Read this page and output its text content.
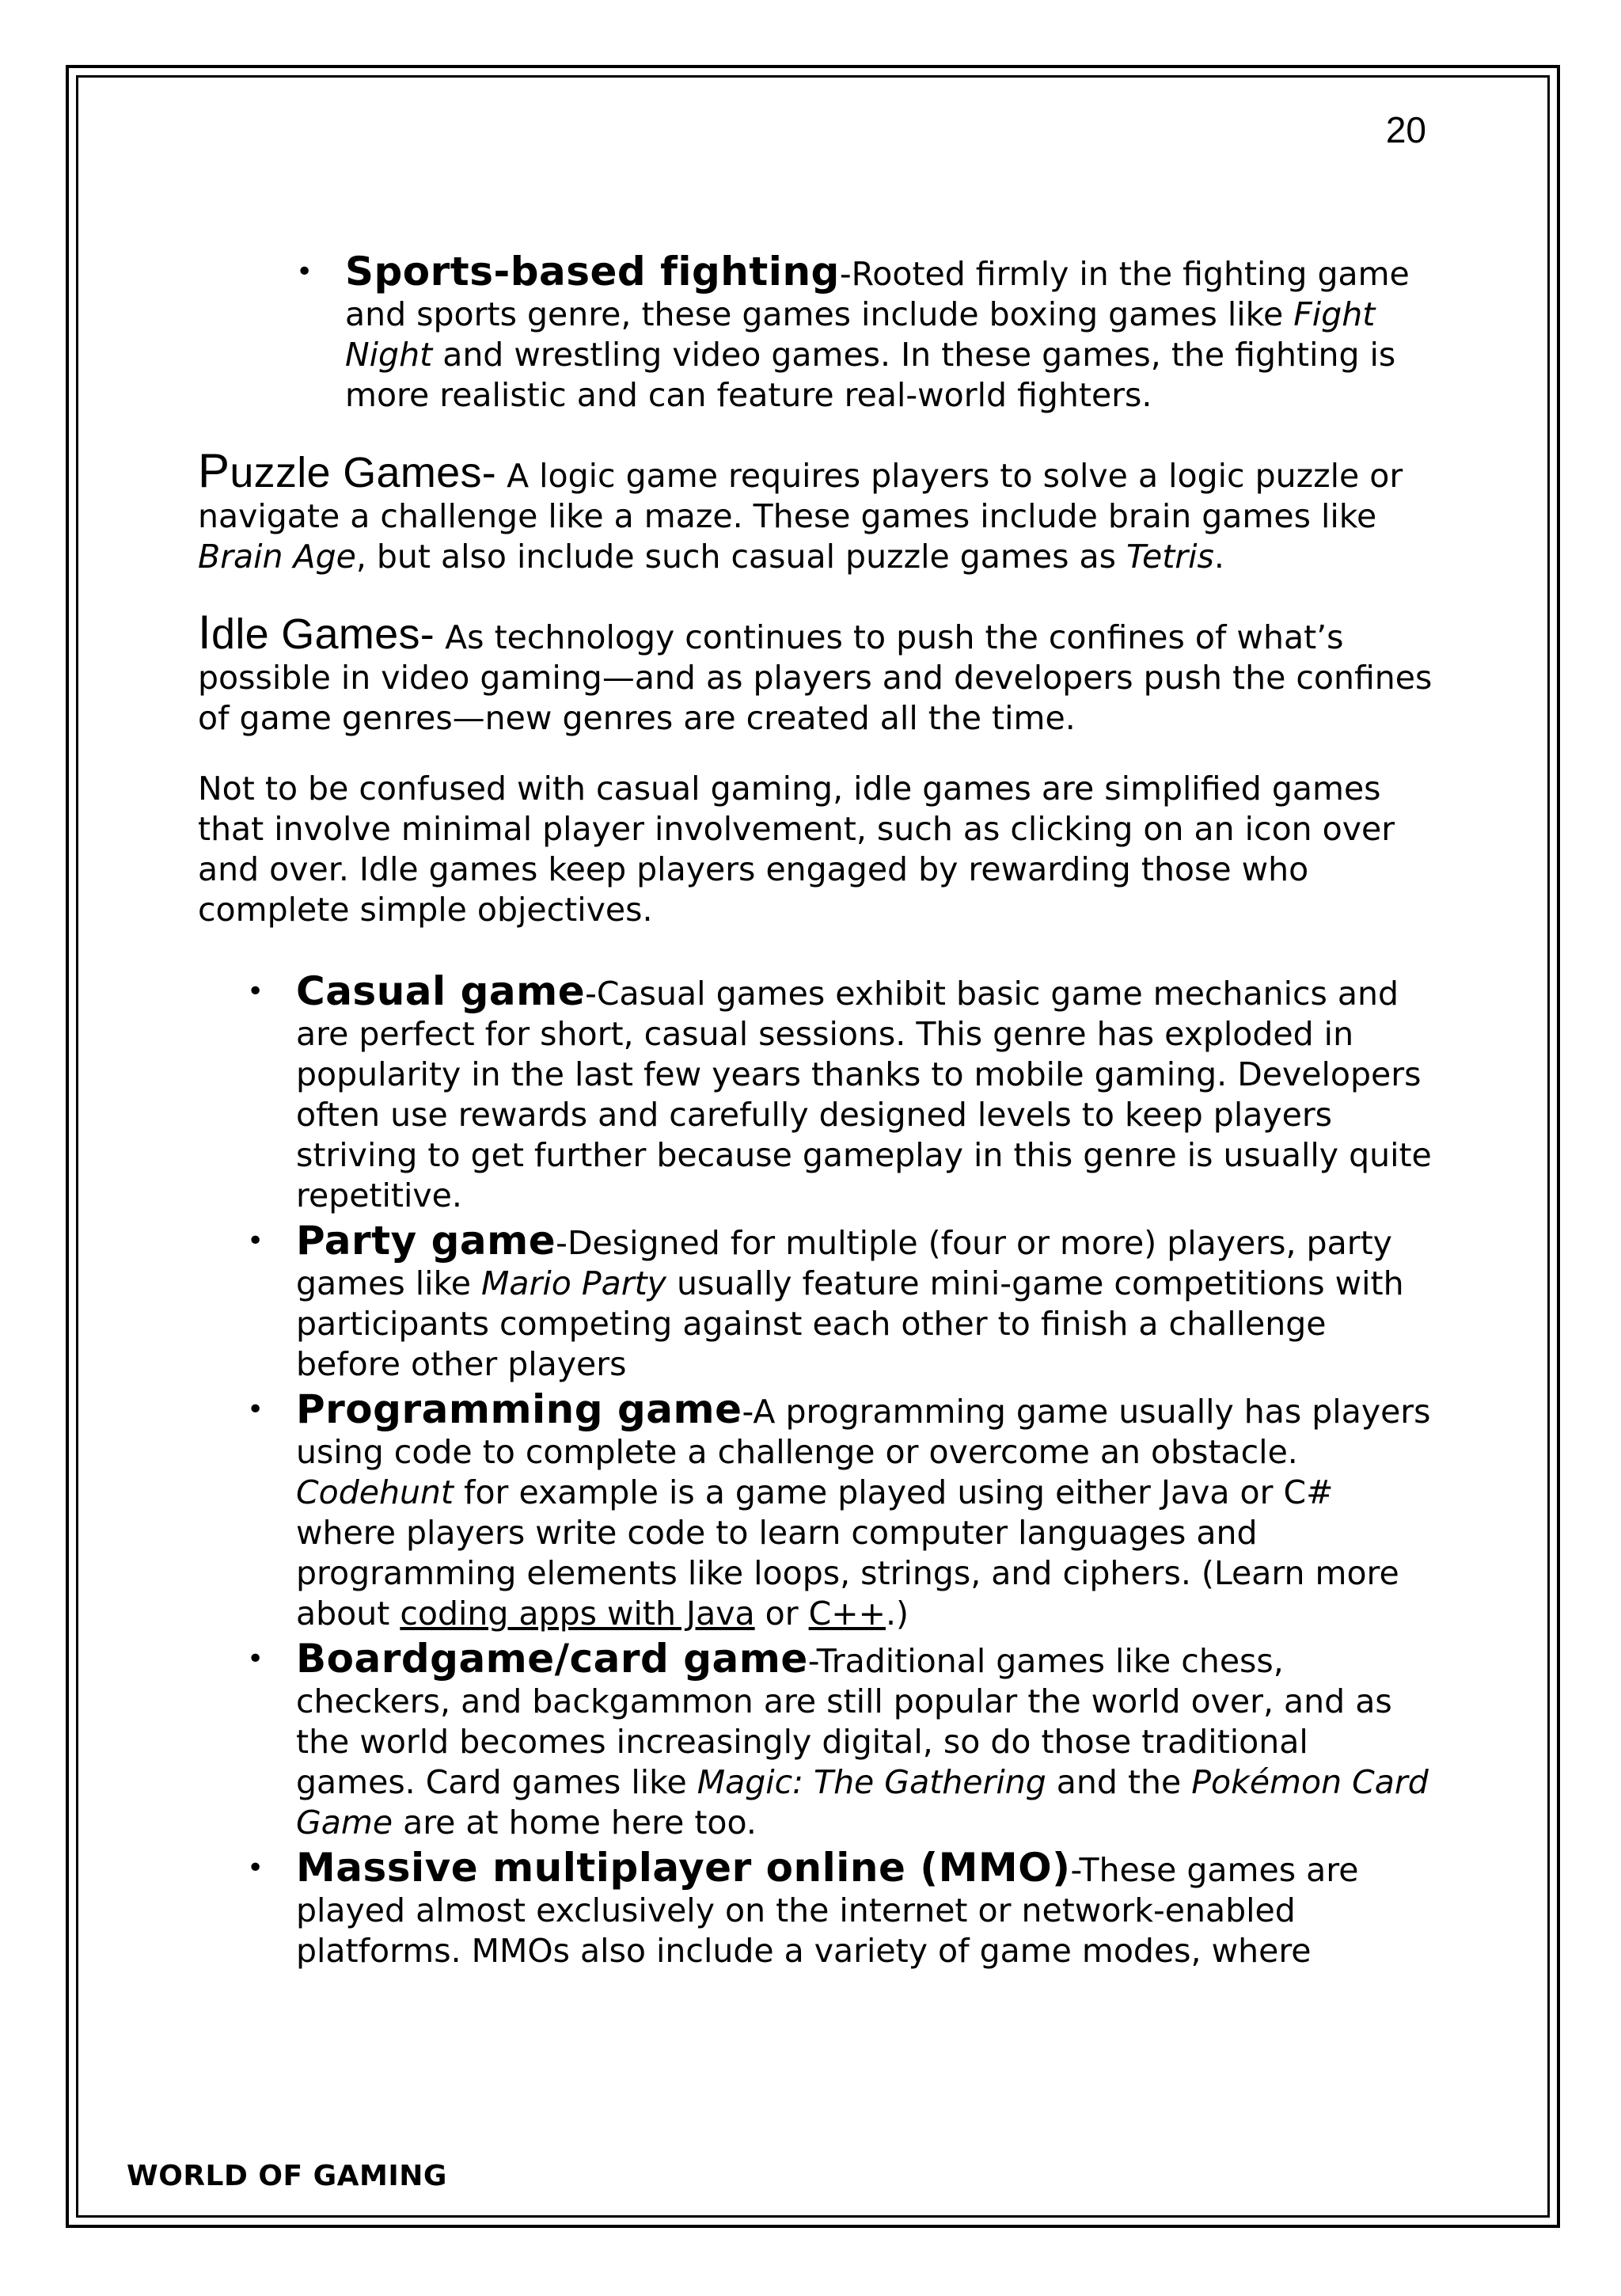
20
• Sports-based fighting-Rooted firmly in the fighting game and sports genre, these games include boxing games like Fight Night and wrestling video games. In these games, the fighting is more realistic and can feature real-world fighters.

Puzzle Games- A logic game requires players to solve a logic puzzle or navigate a challenge like a maze. These games include brain games like Brain Age, but also include such casual puzzle games as Tetris.

Idle Games- As technology continues to push the confines of what’s possible in video gaming—and as players and developers push the confines of game genres—new genres are created all the time.

Not to be confused with casual gaming, idle games are simplified games that involve minimal player involvement, such as clicking on an icon over and over. Idle games keep players engaged by rewarding those who complete simple objectives.

• Casual game-Casual games exhibit basic game mechanics and are perfect for short, casual sessions. This genre has exploded in popularity in the last few years thanks to mobile gaming. Developers often use rewards and carefully designed levels to keep players striving to get further because gameplay in this genre is usually quite repetitive.
• Party game-Designed for multiple (four or more) players, party games like Mario Party usually feature mini-game competitions with participants competing against each other to finish a challenge before other players
• Programming game-A programming game usually has players using code to complete a challenge or overcome an obstacle. Codehunt for example is a game played using either Java or C# where players write code to learn computer languages and programming elements like loops, strings, and ciphers. (Learn more about coding apps with Java or C++.)
• Boardgame/card game-Traditional games like chess, checkers, and backgammon are still popular the world over, and as the world becomes increasingly digital, so do those traditional games. Card games like Magic: The Gathering and the Pokémon Card Game are at home here too.
• Massive multiplayer online (MMO)-These games are played almost exclusively on the internet or network-enabled platforms. MMOs also include a variety of game modes, where
WORLD OF GAMING
